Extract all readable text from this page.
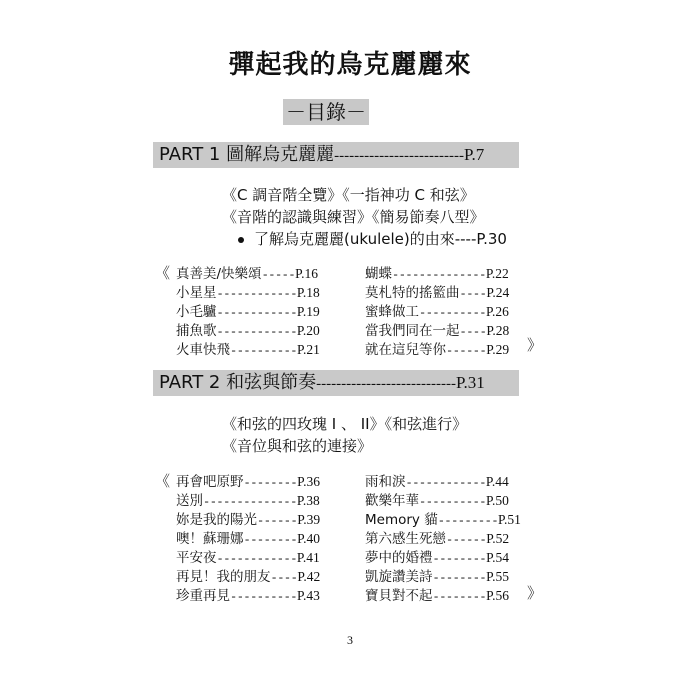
彈起我的烏克麗麗來
－目錄－
PART 1 圖解烏克麗麗--------------------------P.7
《C 調音階全覽》《一指神功 C 和弦》
《音階的認識與練習》《簡易節奏八型》
了解烏克麗麗(ukulele)的由來----P.30
《
》
真善美/快樂頌 ----- P.16
小星星 ------------ P.18
小毛驢 ------------ P.19
捕魚歌 ------------ P.20
火車快飛 ---------- P.21
蝴蝶 -------------- P.22
莫札特的搖籃曲 ---- P.24
蜜蜂做工 ---------- P.26
當我們同在一起 ---- P.28
就在這兒等你 ------ P.29
PART 2 和弦與節奏----------------------------P.31
《和弦的四玫瑰 I 、 II》《和弦進行》
《音位與和弦的連接》
《
》
再會吧原野 -------- P.36
送別 -------------- P.38
妳是我的陽光 ------ P.39
噢！蘇珊娜 -------- P.40
平安夜 ------------ P.41
再見！我的朋友 ---- P.42
珍重再見 ---------- P.43
雨和淚 ------------ P.44
歡樂年華 ---------- P.50
Memory 貓 --------- P.51
第六感生死戀 ------ P.52
夢中的婚禮 -------- P.54
凱旋讚美詩 -------- P.55
寶貝對不起 -------- P.56
3
